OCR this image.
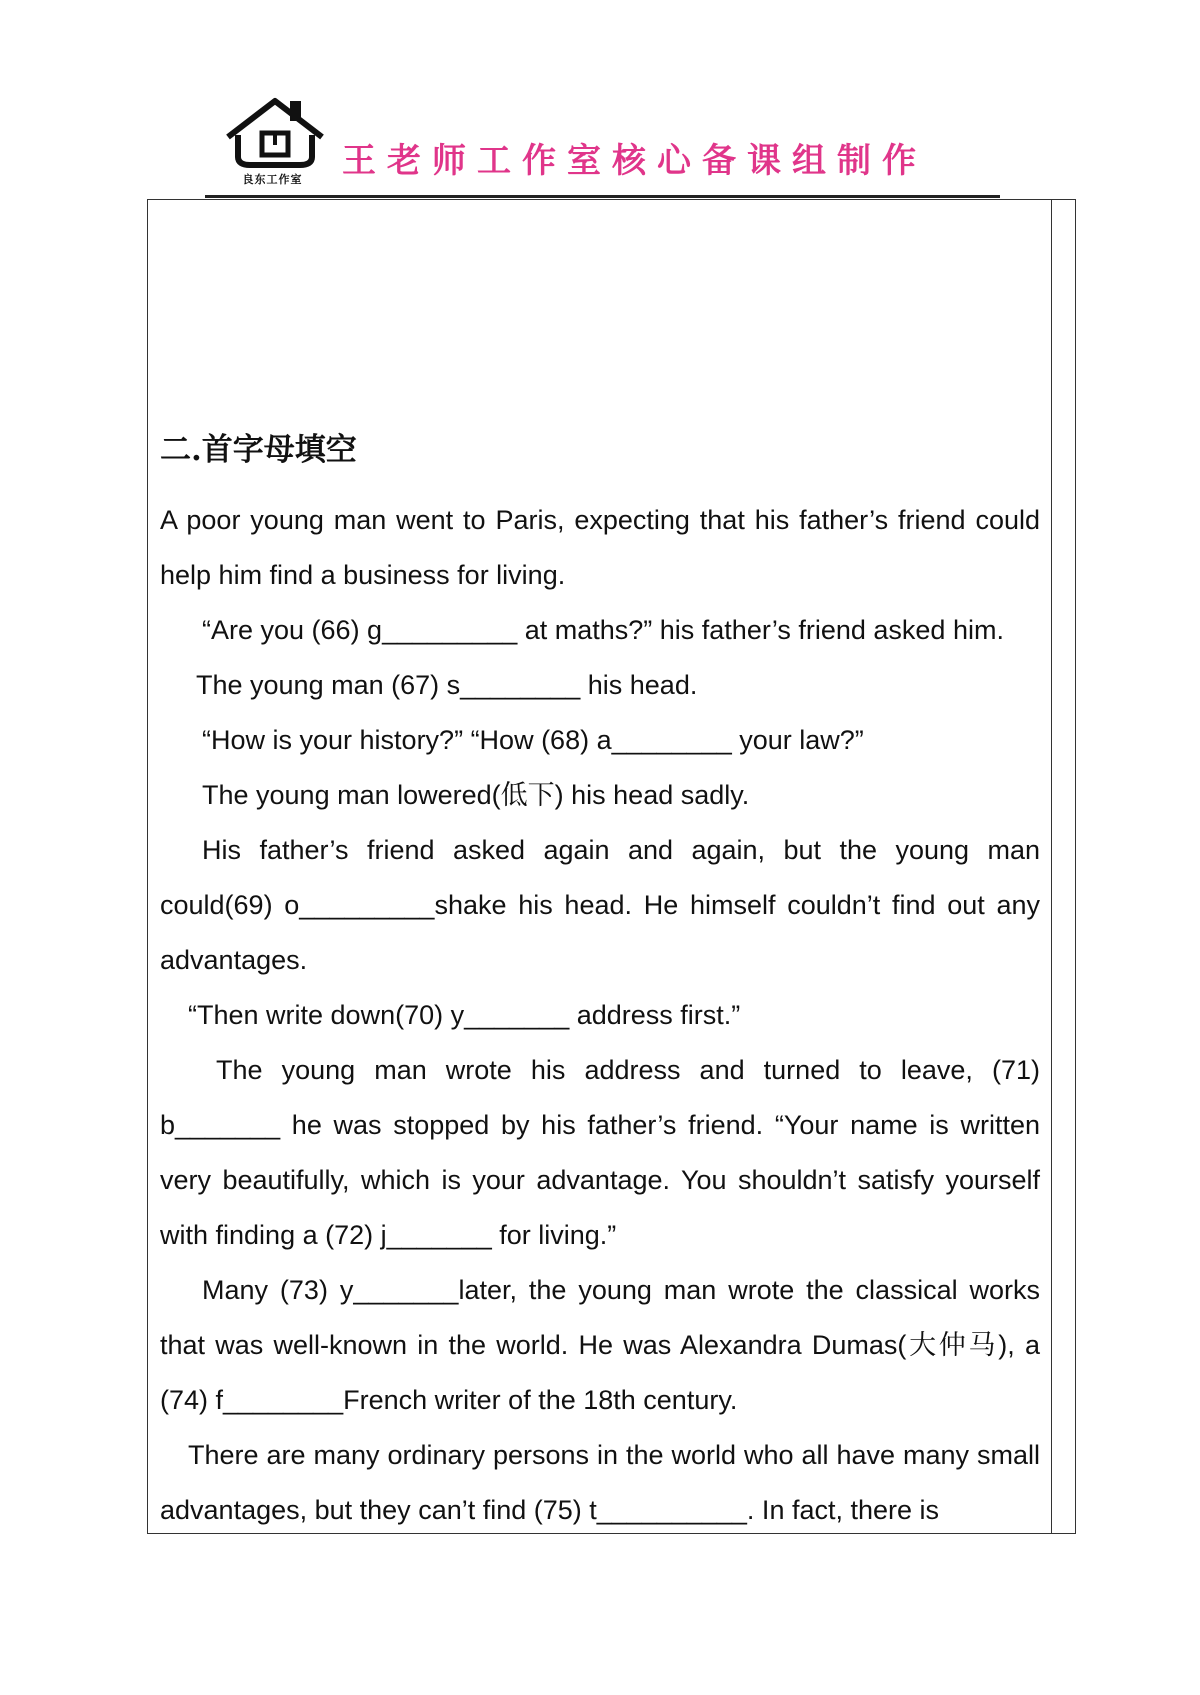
良东工作室	王老师工作室核心备课组制作
二.首字母填空

A poor young man went to Paris, expecting that his father’s friend could help him find a business for living.

“Are you (66) g_________ at maths?” his father’s friend asked him.

The young man (67) s________ his head.

“How is your history?” “How (68) a________ your law?”

The young man lowered(低下) his head sadly.

His father’s friend asked again and again, but the young man could(69) o_________shake his head. He himself couldn’t find out any advantages.

“Then write down(70) y_______ address first.”

The young man wrote his address and turned to leave, (71) b_______ he was stopped by his father’s friend. “Your name is written very beautifully, which is your advantage. You shouldn’t satisfy yourself with finding a (72) j_______ for living.”

Many (73) y_______later, the young man wrote the classical works that was well-known in the world. He was Alexandra Dumas(大仲马), a (74) f________French writer of the 18th century.

There are many ordinary persons in the world who all have many small advantages, but they can’t find (75) t__________. In fact, there is
